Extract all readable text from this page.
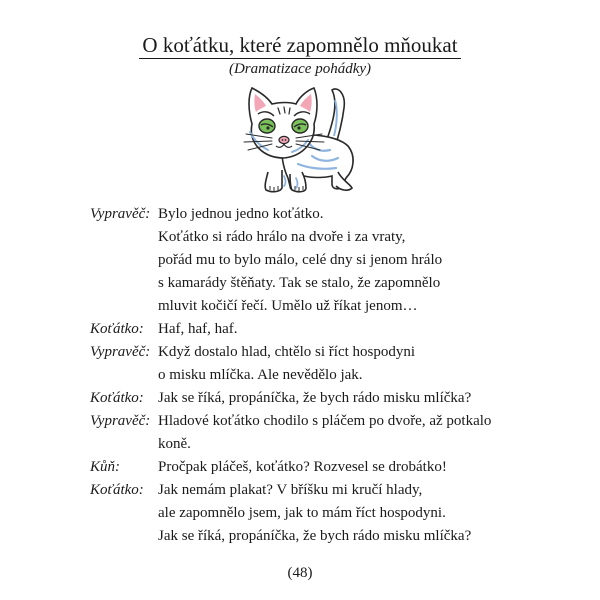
O koťátku, které zapomnělo mňoukat
(Dramatizace pohádky)
Vypravěč: Bylo jednou jedno koťátko.
Koťátko si rádo hrálo na dvoře i za vraty,
pořád mu to bylo málo, celé dny si jenom hrálo
s kamarády štěňaty. Tak se stalo, že zapomnělo
mluvit kočičí řečí. Umělo už říkat jenom…
Koťátko: Haf, haf, haf.
Vypravěč: Když dostalo hlad, chtělo si říct hospodyni
o misku mlíčka. Ale nevědělo jak.
Koťátko: Jak se říká, propáníčka, že bych rádo misku mlíčka?
Vypravěč: Hladové koťátko chodilo s pláčem po dvoře, až potkalo
koně.
Kůň:	Pročpak pláčeš, koťátko? Rozvesel se drobátko!
Koťátko: Jak nemám plakat? V bříšku mi kručí hlady,
ale zapomnělo jsem, jak to mám říct hospodyni.
Jak se říká, propáníčka, že bych rádo misku mlíčka?
(48)
